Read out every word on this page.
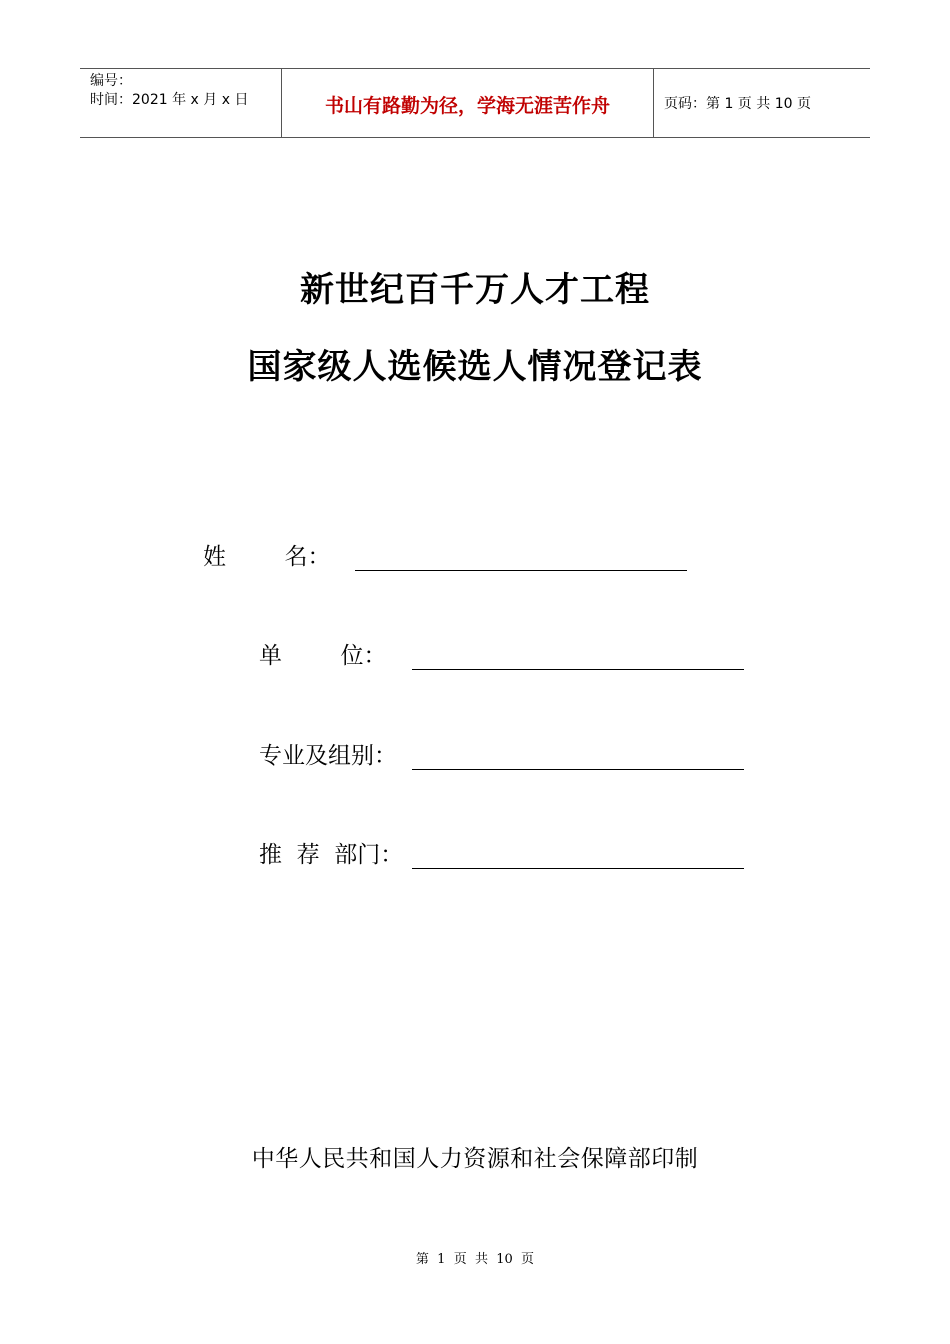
编号：
时间：2021 年 x 月 x 日	书山有路勤为径，学海无涯苦作舟	页码：第 1 页 共 10 页
新世纪百千万人才工程
国家级人选候选人情况登记表
姓        名：
单        位：
专业及组别：
推  荐  部门：
中华人民共和国人力资源和社会保障部印制
第  1  页  共  10  页
